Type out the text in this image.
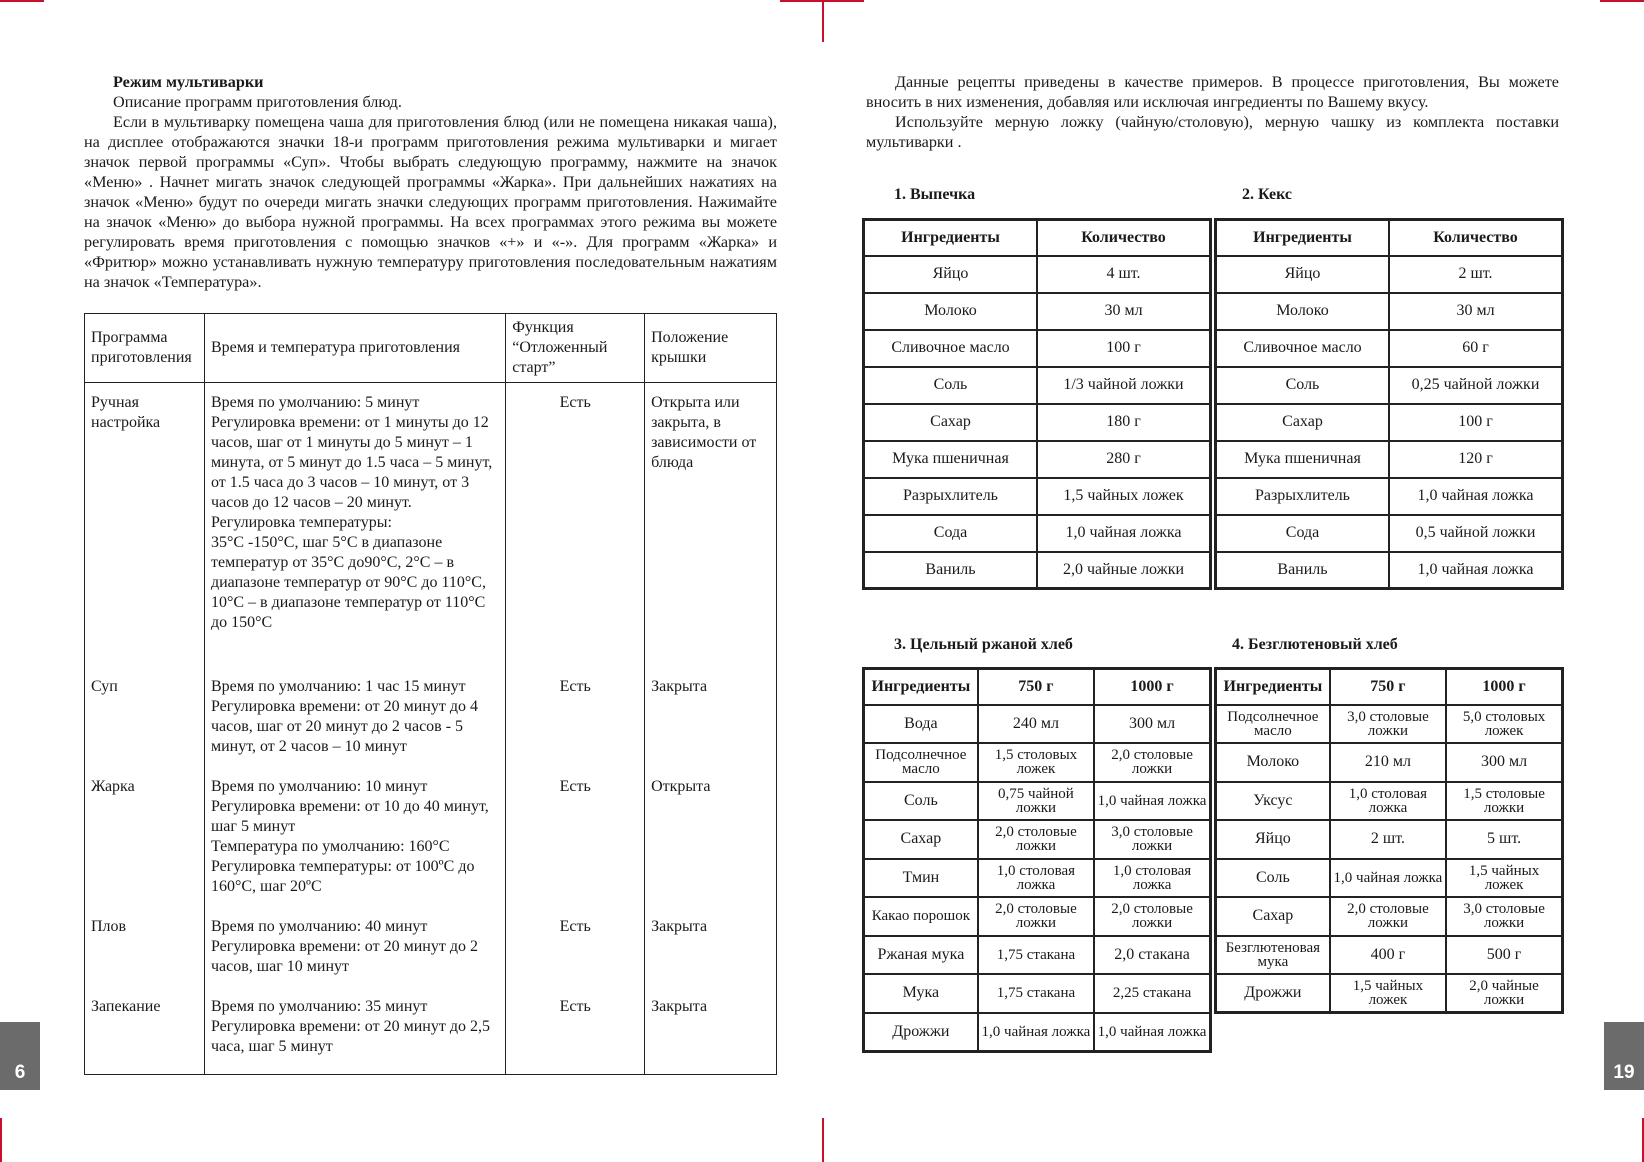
6	19

Режим мультиварки

Описание программ приготовления блюд.

Если в мультиварку помещена чаша для приготовления блюд (или не помещена никакая чаша), на дисплее отображаются значки 18-и программ приготовления режима мультиварки и мигает значок первой программы «Суп». Чтобы выбрать следующую программу, нажмите на значок «Меню» . Начнет мигать значок следующей программы «Жарка». При дальнейших нажатиях на значок «Меню» будут по очереди мигать значки следующих программ приготовления. Нажимайте на значок «Меню» до выбора нужной программы. На всех программах этого режима вы можете регулировать время приготовления с помощью значков «+» и «-». Для программ «Жарка» и «Фритюр» можно устанавливать нужную температуру приготовления последовательным нажатиям на значок «Температура».

Программа приготовления	Время и температура приготовления	Функция “Отложенный старт”	Положение крышки
Ручная настройка	Время по умолчанию: 5 минут
Регулировка времени: от 1 минуты до 12 часов, шаг от 1 минуты до 5 минут – 1 минута, от 5 минут до 1.5 часа – 5 минут, от 1.5 часа до 3 часов – 10 минут, от 3 часов до 12 часов – 20 минут.
Регулировка температуры:
35°С -150°С, шаг 5°С в диапазоне температур от 35°С до90°С, 2°С – в диапазоне температур от 90°С до 110°С, 10°С – в диапазоне температур от 110°С до 150°С	Есть	Открыта или закрыта, в зависимости от блюда
Суп	Время по умолчанию: 1 час 15 минут
Регулировка времени: от 20 минут до 4 часов, шаг от 20 минут до 2 часов - 5 минут, от 2 часов – 10 минут	Есть	Закрыта
Жарка	Время по умолчанию: 10 минут
Регулировка времени: от 10 до 40 минут, шаг 5 минут
Температура по умолчанию: 160°С
Регулировка температуры: от 100ºС до 160°С, шаг 20ºС	Есть	Открыта
Плов	Время по умолчанию: 40 минут
Регулировка времени: от 20 минут до 2 часов, шаг 10 минут	Есть	Закрыта
Запекание	Время по умолчанию: 35 минут
Регулировка времени: от 20 минут до 2,5 часа, шаг 5 минут	Есть	Закрыта

Данные рецепты приведены в качестве примеров. В процессе приготовления, Вы можете вносить в них изменения, добавляя или исключая ингредиенты по Вашему вкусу.

Используйте мерную ложку (чайную/столовую), мерную чашку из комплекта поставки мультиварки .

1. Выпечка
Ингредиенты	Количество
Яйцо	4 шт.
Молоко	30 мл
Сливочное масло	100 г
Соль	1/3 чайной ложки
Сахар	180 г
Мука пшеничная	280 г
Разрыхлитель	1,5 чайных ложек
Сода	1,0 чайная ложка
Ваниль	2,0 чайные ложки
2. Кекс
Ингредиенты	Количество
Яйцо	2 шт.
Молоко	30 мл
Сливочное масло	60 г
Соль	0,25 чайной ложки
Сахар	100 г
Мука пшеничная	120 г
Разрыхлитель	1,0 чайная ложка
Сода	0,5 чайной ложки
Ваниль	1,0 чайная ложка
3. Цельный ржаной хлеб
Ингредиенты	750 г	1000 г
Вода	240 мл	300 мл
Подсолнечное масло	1,5 столовых ложек	2,0 столовые ложки
Соль	0,75 чайной ложки	1,0 чайная ложка
Сахар	2,0 столовые ложки	3,0 столовые ложки
Тмин	1,0 столовая ложка	1,0 столовая ложка
Какао порошок	2,0 столовые ложки	2,0 столовые ложки
Ржаная мука	1,75 стакана	2,0 стакана
Мука	1,75 стакана	2,25 стакана
Дрожжи	1,0 чайная ложка	1,0 чайная ложка
4. Безглютеновый хлеб
Ингредиенты	750 г	1000 г
Подсолнечное масло	3,0 столовые ложки	5,0 столовых ложек
Молоко	210 мл	300 мл
Уксус	1,0 столовая ложка	1,5 столовые ложки
Яйцо	2 шт.	5 шт.
Соль	1,0 чайная ложка	1,5 чайных ложек
Сахар	2,0 столовые ложки	3,0 столовые ложки
Безглютеновая мука	400 г	500 г
Дрожжи	1,5 чайных ложек	2,0 чайные ложки
